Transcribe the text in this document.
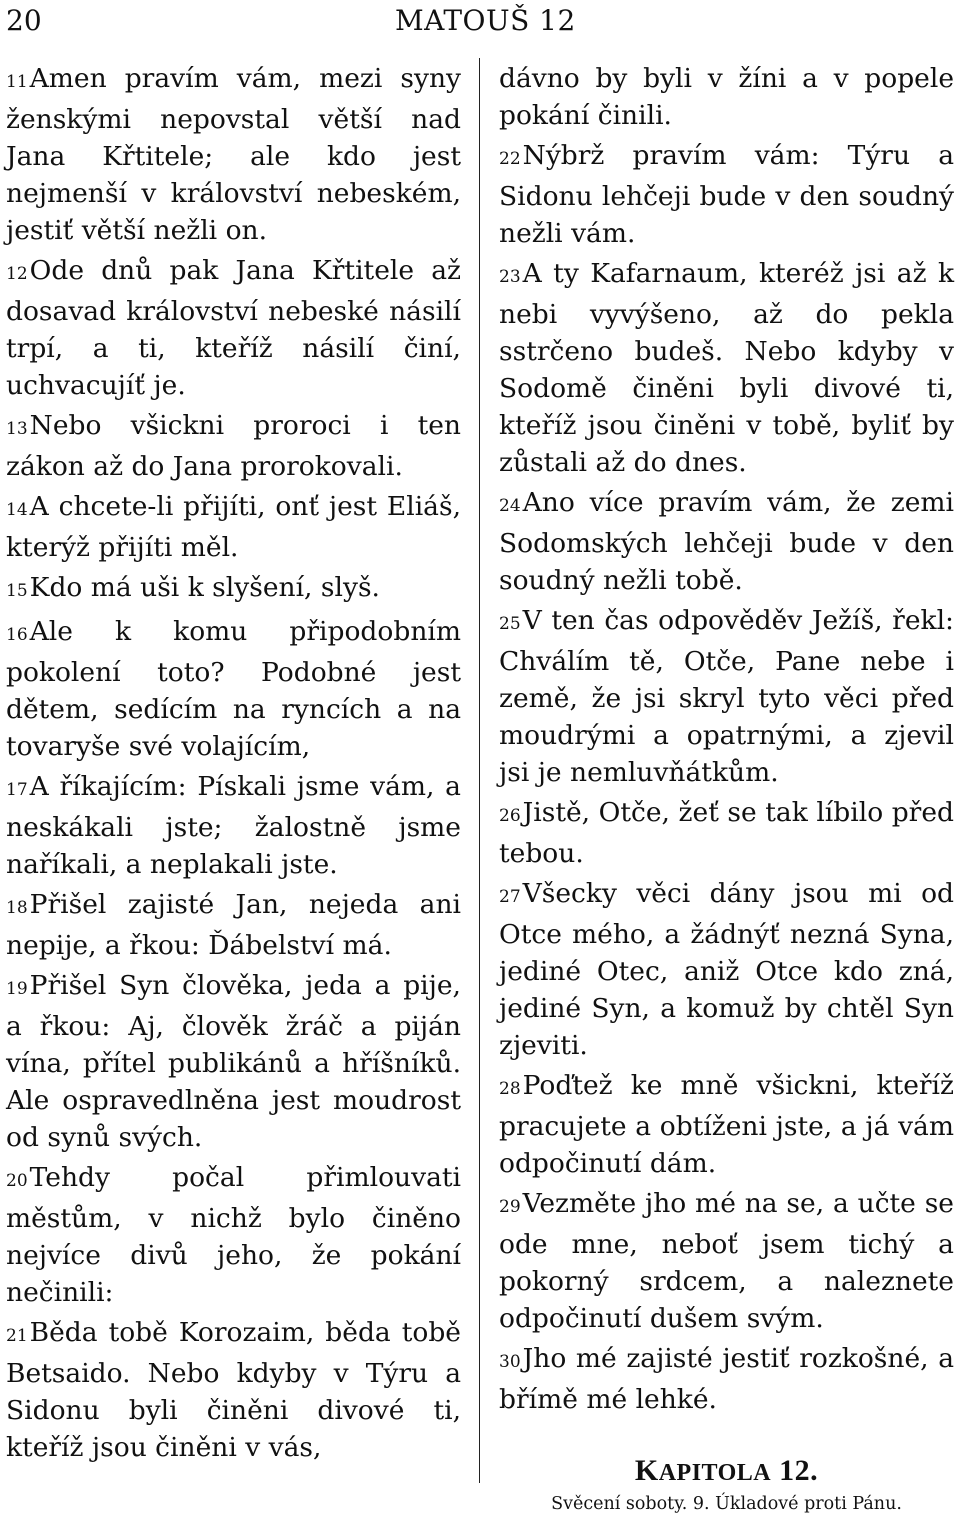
20	MATOUŠ 12

11Amen pravím vám, mezi syny ženskými nepovstal větší nad Jana Křtitele; ale kdo jest nejmenší v království nebeském, jestiť větší nežli on.

12Ode dnů pak Jana Křtitele až dosavad království nebeské násilí trpí, a ti, kteříž násilí činí, uchvacujíť je.

13Nebo všickni proroci i ten zákon až do Jana prorokovali.

14A chcete-li přijíti, onť jest Eliáš, kterýž přijíti měl.

15Kdo má uši k slyšení, slyš.

16Ale k komu připodobním pokolení toto? Podobné jest dětem, sedícím na ryncích a na tovaryše své volajícím,

17A říkajícím: Pískali jsme vám, a neskákali jste; žalostně jsme naříkali, a neplakali jste.

18Přišel zajisté Jan, nejeda ani nepije, a řkou: Ďábelství má.

19Přišel Syn člověka, jeda a pije, a řkou: Aj, člověk žráč a piján vína, přítel publikánů a hříšníků. Ale ospravedlněna jest moudrost od synů svých.

20Tehdy počal přimlouvati městům, v nichž bylo činěno nejvíce divů jeho, že pokání nečinili:

21Běda tobě Korozaim, běda tobě Betsaido. Nebo kdyby v Týru a Sidonu byli činěni divové ti, kteříž jsou činěni v vás,

dávno by byli v žíni a v popele pokání činili.

22Nýbrž pravím vám: Týru a Sidonu lehčeji bude v den soudný nežli vám.

23A ty Kafarnaum, kteréž jsi až k nebi vyvýšeno, až do pekla sstrčeno budeš. Nebo kdyby v Sodomě činěni byli divové ti, kteříž jsou činěni v tobě, byliť by zůstali až do dnes.

24Ano více pravím vám, že zemi Sodomských lehčeji bude v den soudný nežli tobě.

25V ten čas odpověděv Ježíš, řekl: Chválím tě, Otče, Pane nebe i země, že jsi skryl tyto věci před moudrými a opatrnými, a zjevil jsi je nemluvňátkům.

26Jistě, Otče, žeť se tak líbilo před tebou.

27Všecky věci dány jsou mi od Otce mého, a žádnýť nezná Syna, jediné Otec, aniž Otce kdo zná, jediné Syn, a komuž by chtěl Syn zjeviti.

28Poďtež ke mně všickni, kteříž pracujete a obtíženi jste, a já vám odpočinutí dám.

29Vezměte jho mé na se, a učte se ode mne, neboť jsem tichý a pokorný srdcem, a naleznete odpočinutí dušem svým.

30Jho mé zajisté jestiť rozkošné, a břímě mé lehké.

KAPITOLA 12.
Svěcení soboty. 9. Úkladové proti Pánu.
